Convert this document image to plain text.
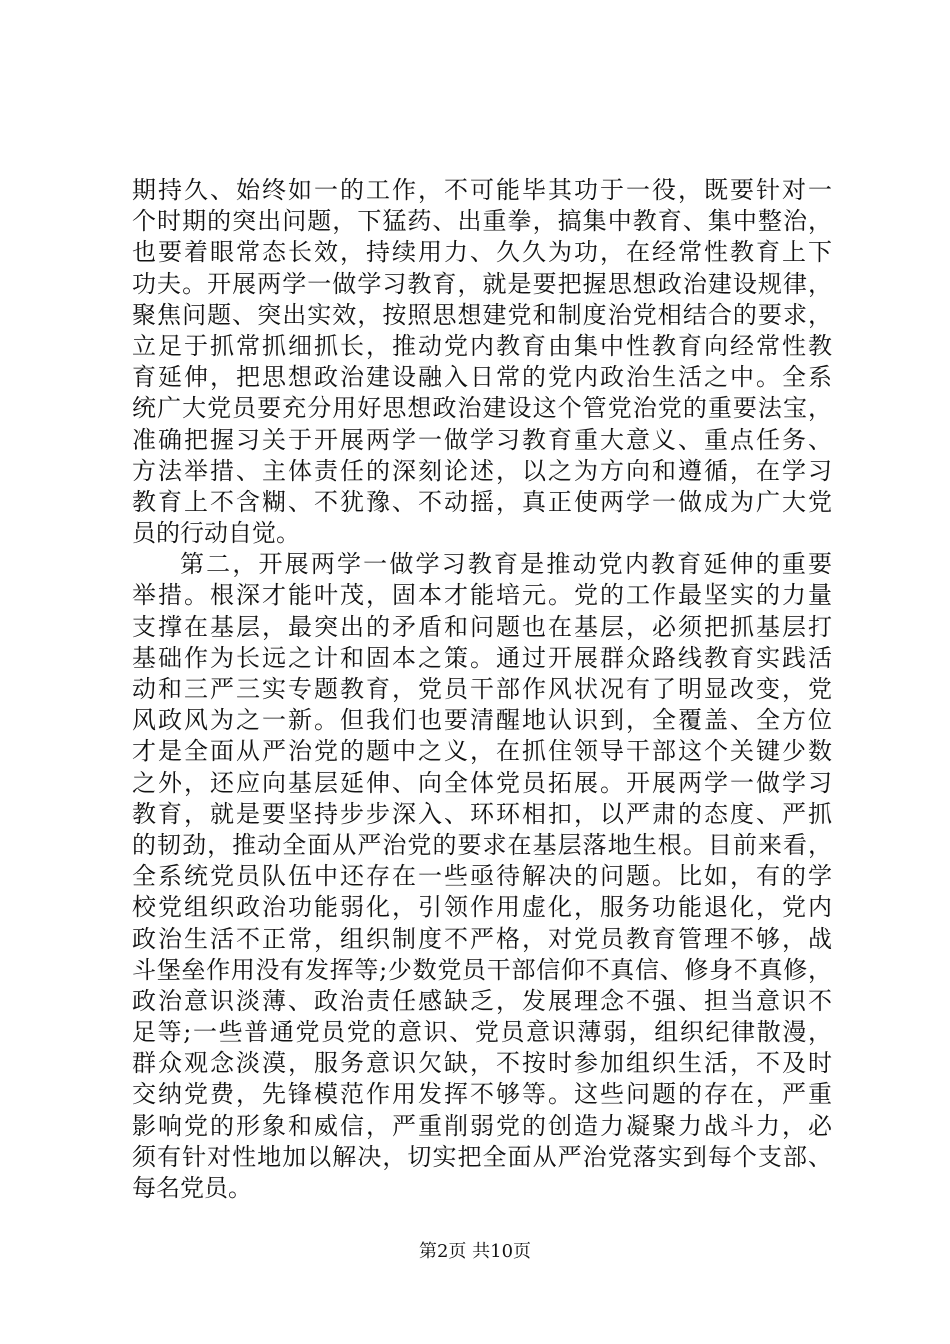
期持久、始终如一的工作，不可能毕其功于一役，既要针对一
个时期的突出问题，下猛药、出重拳，搞集中教育、集中整治，
也要着眼常态长效，持续用力、久久为功，在经常性教育上下
功夫。开展两学一做学习教育，就是要把握思想政治建设规律，
聚焦问题、突出实效，按照思想建党和制度治党相结合的要求，
立足于抓常抓细抓长，推动党内教育由集中性教育向经常性教
育延伸，把思想政治建设融入日常的党内政治生活之中。全系
统广大党员要充分用好思想政治建设这个管党治党的重要法宝，
准确把握习关于开展两学一做学习教育重大意义、重点任务、
方法举措、主体责任的深刻论述，以之为方向和遵循，在学习
教育上不含糊、不犹豫、不动摇，真正使两学一做成为广大党
员的行动自觉。
第二，开展两学一做学习教育是推动党内教育延伸的重要
举措。根深才能叶茂，固本才能培元。党的工作最坚实的力量
支撑在基层，最突出的矛盾和问题也在基层，必须把抓基层打
基础作为长远之计和固本之策。通过开展群众路线教育实践活
动和三严三实专题教育，党员干部作风状况有了明显改变，党
风政风为之一新。但我们也要清醒地认识到，全覆盖、全方位
才是全面从严治党的题中之义，在抓住领导干部这个关键少数
之外，还应向基层延伸、向全体党员拓展。开展两学一做学习
教育，就是要坚持步步深入、环环相扣，以严肃的态度、严抓
的韧劲，推动全面从严治党的要求在基层落地生根。目前来看，
全系统党员队伍中还存在一些亟待解决的问题。比如，有的学
校党组织政治功能弱化，引领作用虚化，服务功能退化，党内
政治生活不正常，组织制度不严格，对党员教育管理不够，战
斗堡垒作用没有发挥等;少数党员干部信仰不真信、修身不真修，
政治意识淡薄、政治责任感缺乏，发展理念不强、担当意识不
足等;一些普通党员党的意识、党员意识薄弱，组织纪律散漫，
群众观念淡漠，服务意识欠缺，不按时参加组织生活，不及时
交纳党费，先锋模范作用发挥不够等。这些问题的存在，严重
影响党的形象和威信，严重削弱党的创造力凝聚力战斗力，必
须有针对性地加以解决，切实把全面从严治党落实到每个支部、
每名党员。
第2页 共10页
